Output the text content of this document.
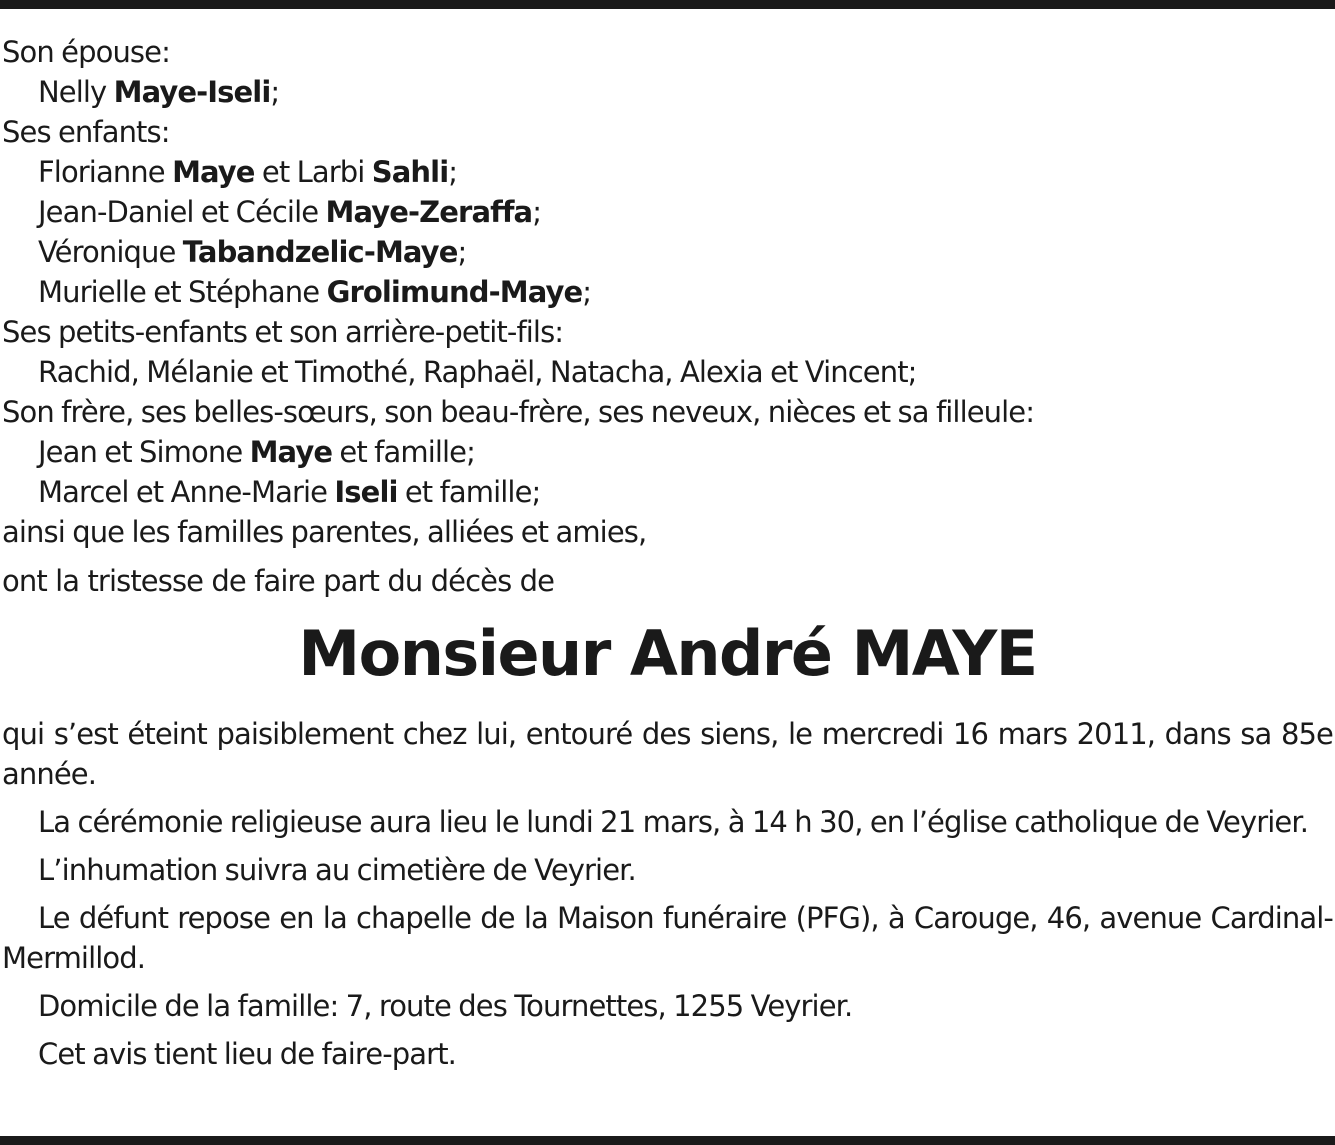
Son épouse:
Nelly Maye-Iseli;
Ses enfants:
Florianne Maye et Larbi Sahli;
Jean-Daniel et Cécile Maye-Zeraffa;
Véronique Tabandzelic-Maye;
Murielle et Stéphane Grolimund-Maye;
Ses petits-enfants et son arrière-petit-fils:
Rachid, Mélanie et Timothé, Raphaël, Natacha, Alexia et Vincent;
Son frère, ses belles-sœurs, son beau-frère, ses neveux, nièces et sa filleule:
Jean et Simone Maye et famille;
Marcel et Anne-Marie Iseli et famille;
ainsi que les familles parentes, alliées et amies,
ont la tristesse de faire part du décès de
Monsieur André MAYE

qui s’est éteint paisiblement chez lui, entouré des siens, le mercredi 16 mars 2011, dans sa 85e année.

La cérémonie religieuse aura lieu le lundi 21 mars, à 14 h 30, en l’église catholique de Veyrier.

L’inhumation suivra au cimetière de Veyrier.

Le défunt repose en la chapelle de la Maison funéraire (PFG), à Carouge, 46, avenue Cardinal-Mermillod.

Domicile de la famille: 7, route des Tournettes, 1255 Veyrier.

Cet avis tient lieu de faire-part.
